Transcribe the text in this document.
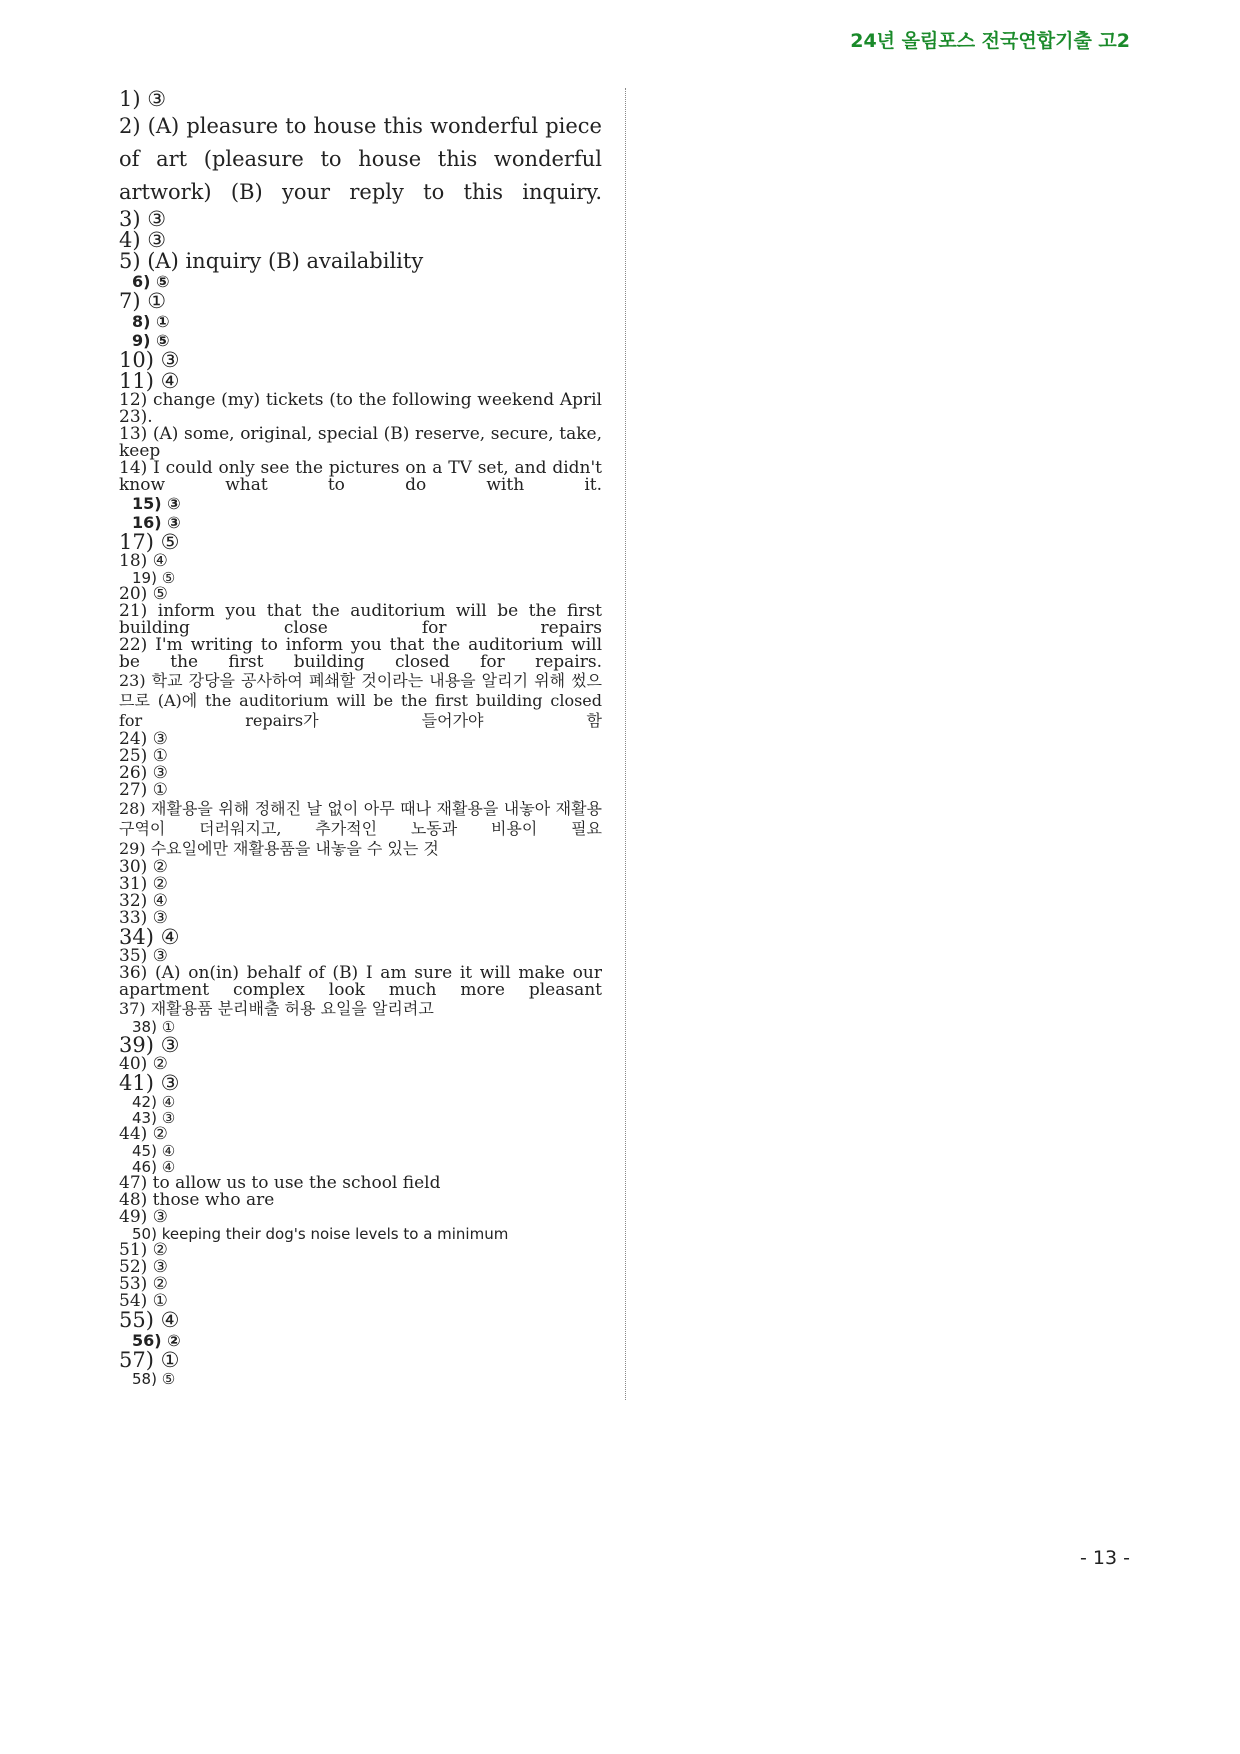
24년 올림포스 전국연합기출 고2
1) ③
2) (A) pleasure to house this wonderful piece of art (pleasure to house this wonderful artwork) (B) your reply to this inquiry.
3) ③
4) ③
5) (A) inquiry (B) availability
6) ⑤
7) ①
8) ①
9) ⑤
10) ③
11) ④
12) change (my) tickets (to the following weekend April 23).
13) (A) some, original, special (B) reserve, secure, take, keep
14) I could only see the pictures on a TV set, and didn't know what to do with it.
15) ③
16) ③
17) ⑤
18) ④
19) ⑤
20) ⑤
21) inform you that the auditorium will be the first building close for repairs
22) I'm writing to inform you that the auditorium will be the first building closed for repairs.
23) 학교 강당을 공사하여 폐쇄할 것이라는 내용을 알리기 위해 썼으므로 (A)에 the auditorium will be the first building closed for repairs가 들어가야 함
24) ③
25) ①
26) ③
27) ①
28) 재활용을 위해 정해진 날 없이 아무 때나 재활용을 내놓아 재활용 구역이 더러워지고, 추가적인 노동과 비용이 필요
29) 수요일에만 재활용품을 내놓을 수 있는 것
30) ②
31) ②
32) ④
33) ③
34) ④
35) ③
36) (A) on(in) behalf of (B) I am sure it will make our apartment complex look much more pleasant
37) 재활용품 분리배출 허용 요일을 알리려고
38) ①
39) ③
40) ②
41) ③
42) ④
43) ③
44) ②
45) ④
46) ④
47) to allow us to use the school field
48) those who are
49) ③
50) keeping their dog's noise levels to a minimum
51) ②
52) ③
53) ②
54) ①
55) ④
56) ②
57) ①
58) ⑤
- 13 -
